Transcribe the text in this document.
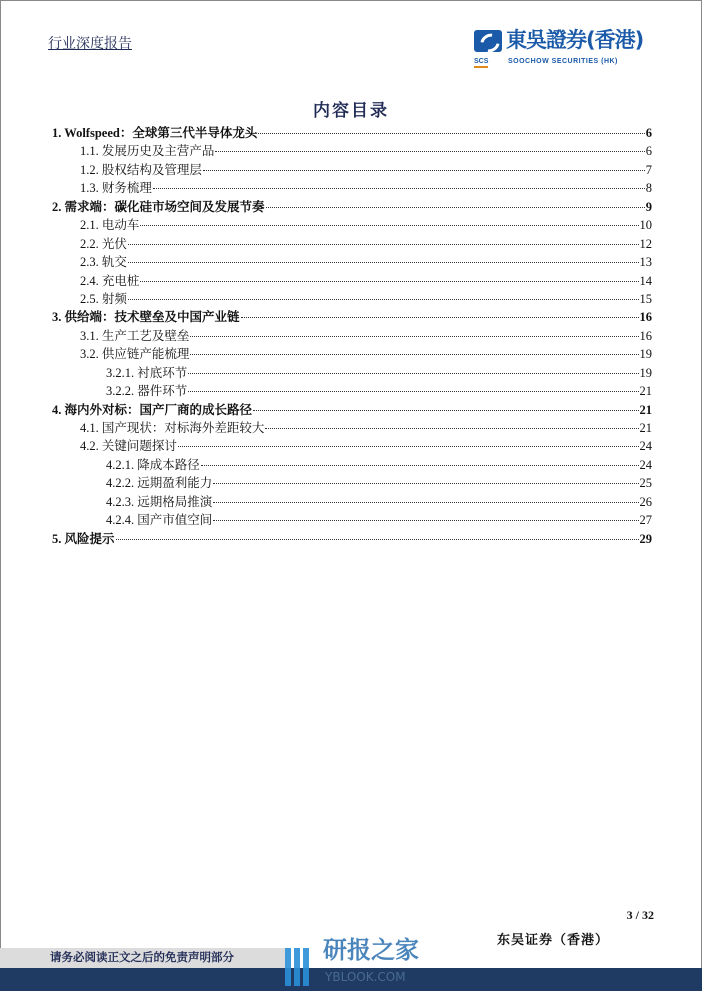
行业深度报告
SCS
東吳證券(香港)
SOOCHOW SECURITIES (HK)
内容目录
1. Wolfspeed：全球第三代半导体龙头	6
1.1. 发展历史及主营产品	6
1.2. 股权结构及管理层	7
1.3. 财务梳理	8
2. 需求端：碳化硅市场空间及发展节奏	9
2.1. 电动车	10
2.2. 光伏	12
2.3. 轨交	13
2.4. 充电桩	14
2.5. 射频	15
3. 供给端：技术壁垒及中国产业链	16
3.1. 生产工艺及壁垒	16
3.2. 供应链产能梳理	19
3.2.1. 衬底环节	19
3.2.2. 器件环节	21
4. 海内外对标：国产厂商的成长路径	21
4.1. 国产现状：对标海外差距较大	21
4.2. 关键问题探讨	24
4.2.1. 降成本路径	24
4.2.2. 远期盈利能力	25
4.2.3. 远期格局推演	26
4.2.4. 国产市值空间	27
5. 风险提示	29
3 / 32
东吴证券（香港）
请务必阅读正文之后的免责声明部分	研报之家
YBLOOK.COM
